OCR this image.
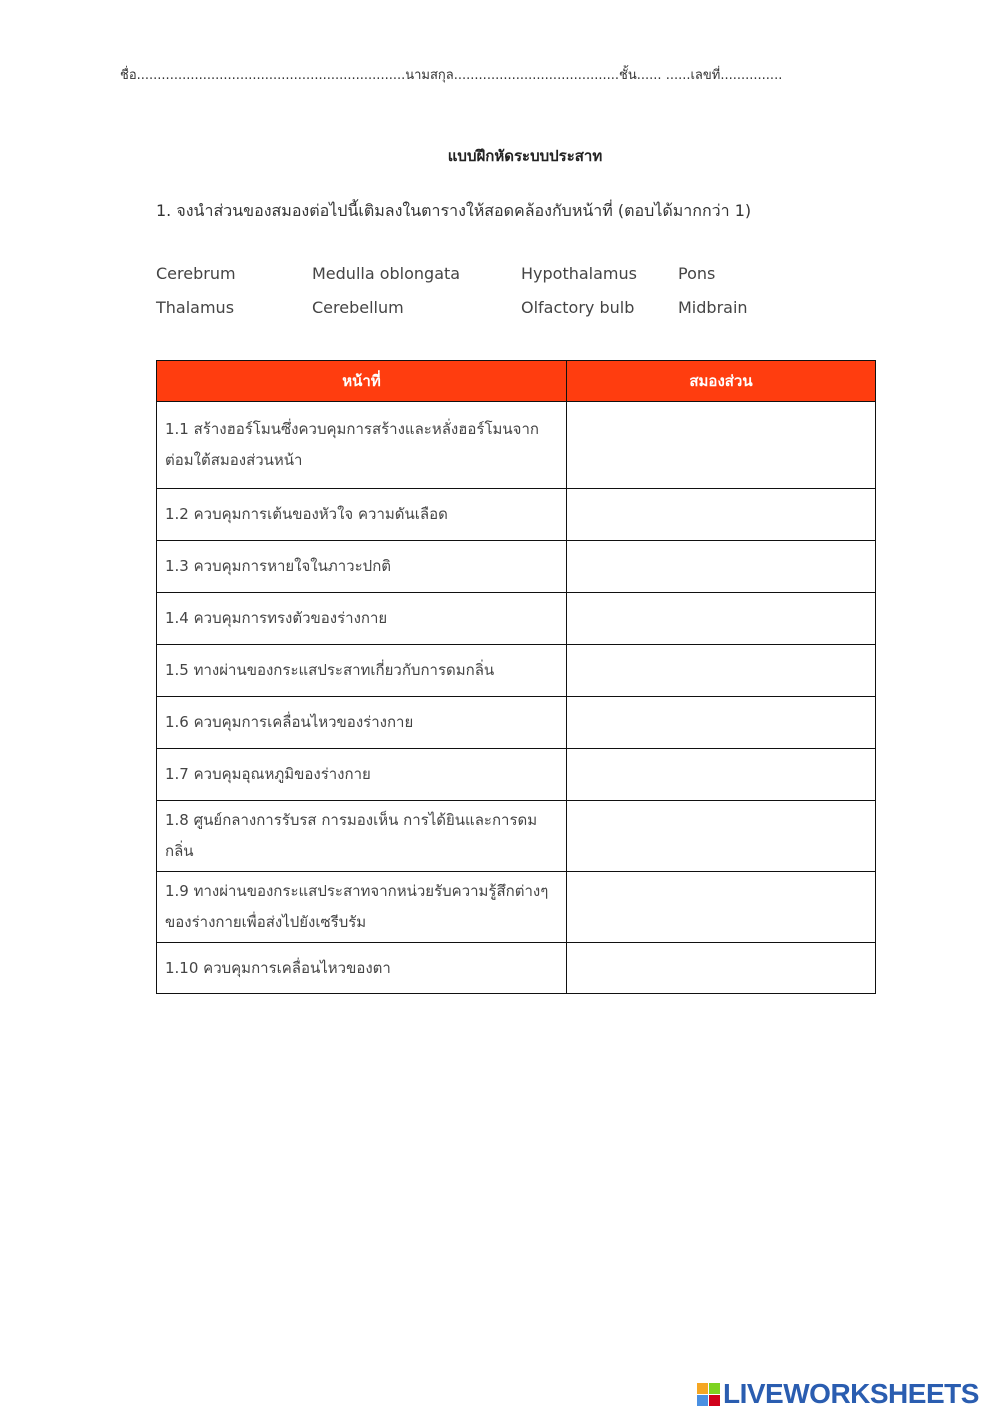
ชื่อ.................................................................นามสกุล........................................ชั้น...... ......เลขที่...............
แบบฝึกหัดระบบประสาท
1. จงนำส่วนของสมองต่อไปนี้เติมลงในตารางให้สอดคล้องกับหน้าที่ (ตอบได้มากกว่า 1)
Cerebrum	Medulla oblongata	Hypothalamus	Pons
Thalamus	Cerebellum	Olfactory bulb	Midbrain
หน้าที่	สมองส่วน
1.1 สร้างฮอร์โมนซึ่งควบคุมการสร้างและหลั่งฮอร์โมนจากต่อมใต้สมองส่วนหน้า	
1.2 ควบคุมการเต้นของหัวใจ ความดันเลือด	
1.3 ควบคุมการหายใจในภาวะปกติ	
1.4 ควบคุมการทรงตัวของร่างกาย	
1.5 ทางผ่านของกระแสประสาทเกี่ยวกับการดมกลิ่น	
1.6 ควบคุมการเคลื่อนไหวของร่างกาย	
1.7 ควบคุมอุณหภูมิของร่างกาย	
1.8 ศูนย์กลางการรับรส การมองเห็น การได้ยินและการดมกลิ่น	
1.9 ทางผ่านของกระแสประสาทจากหน่วยรับความรู้สึกต่างๆ ของร่างกายเพื่อส่งไปยังเซรีบรัม	
1.10 ควบคุมการเคลื่อนไหวของตา	
LIVEWORKSHEETS
